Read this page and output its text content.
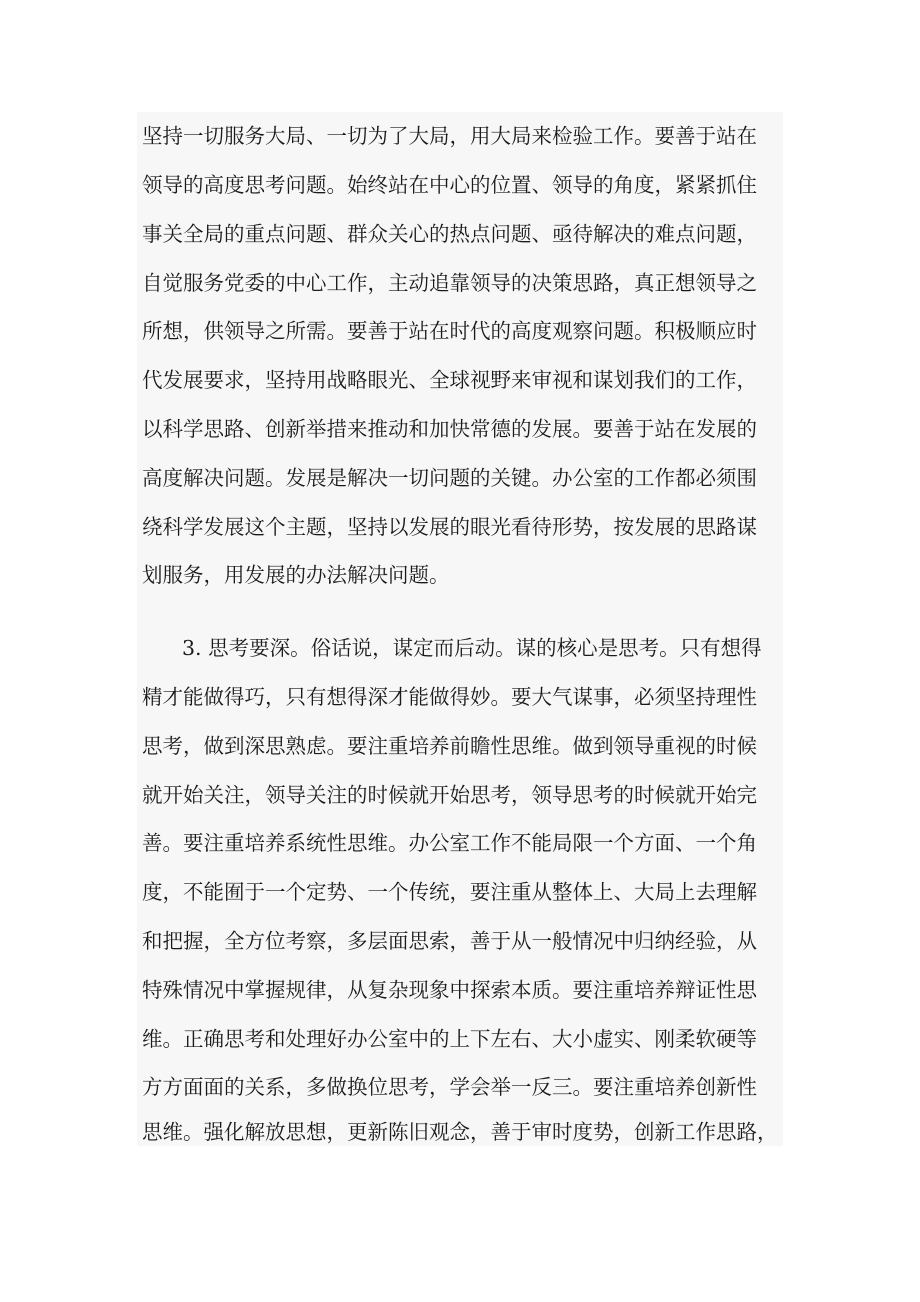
坚持一切服务大局、一切为了大局，用大局来检验工作。要善于站在
领导的高度思考问题。始终站在中心的位置、领导的角度，紧紧抓住
事关全局的重点问题、群众关心的热点问题、亟待解决的难点问题，
自觉服务党委的中心工作，主动追靠领导的决策思路，真正想领导之
所想，供领导之所需。要善于站在时代的高度观察问题。积极顺应时
代发展要求，坚持用战略眼光、全球视野来审视和谋划我们的工作，
以科学思路、创新举措来推动和加快常德的发展。要善于站在发展的
高度解决问题。发展是解决一切问题的关键。办公室的工作都必须围
绕科学发展这个主题，坚持以发展的眼光看待形势，按发展的思路谋
划服务，用发展的办法解决问题。
3. 思考要深。俗话说，谋定而后动。谋的核心是思考。只有想得
精才能做得巧，只有想得深才能做得妙。要大气谋事，必须坚持理性
思考，做到深思熟虑。要注重培养前瞻性思维。做到领导重视的时候
就开始关注，领导关注的时候就开始思考，领导思考的时候就开始完
善。要注重培养系统性思维。办公室工作不能局限一个方面、一个角
度，不能囿于一个定势、一个传统，要注重从整体上、大局上去理解
和把握，全方位考察，多层面思索，善于从一般情况中归纳经验，从
特殊情况中掌握规律，从复杂现象中探索本质。要注重培养辩证性思
维。正确思考和处理好办公室中的上下左右、大小虚实、刚柔软硬等
方方面面的关系，多做换位思考，学会举一反三。要注重培养创新性
思维。强化解放思想，更新陈旧观念，善于审时度势，创新工作思路，
